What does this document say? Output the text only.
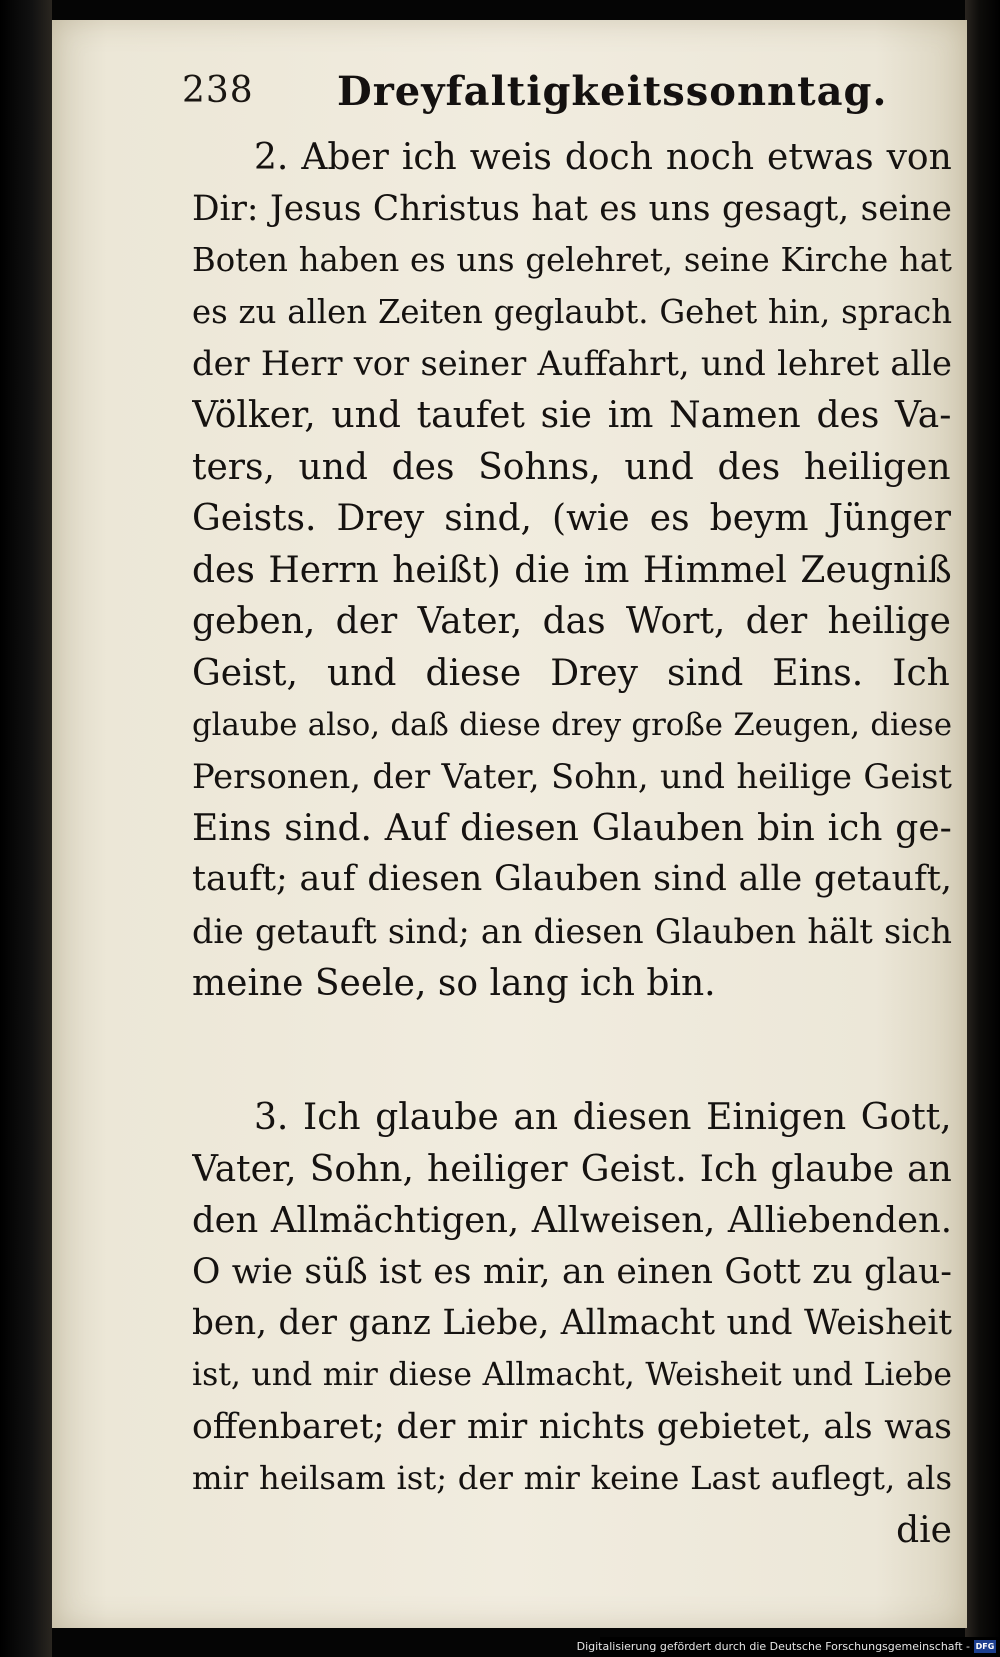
238 Dreyfaltigkeitssonntag.
2. Aber ich weis doch noch etwas von
Dir: Jesus Christus hat es uns gesagt, seine
Boten haben es uns gelehret, seine Kirche hat
es zu allen Zeiten geglaubt. Gehet hin, sprach
der Herr vor seiner Auffahrt, und lehret alle
Völker, und taufet sie im Namen des Va-
ters, und des Sohns, und des heiligen
Geists. Drey sind, (wie es beym Jünger
des Herrn heißt) die im Himmel Zeugniß
geben, der Vater, das Wort, der heilige
Geist, und diese Drey sind Eins. Ich
glaube also, daß diese drey große Zeugen, diese
Personen, der Vater, Sohn, und heilige Geist
Eins sind. Auf diesen Glauben bin ich ge-
tauft; auf diesen Glauben sind alle getauft,
die getauft sind; an diesen Glauben hält sich
meine Seele, so lang ich bin.
3. Ich glaube an diesen Einigen Gott,
Vater, Sohn, heiliger Geist. Ich glaube an
den Allmächtigen, Allweisen, Alliebenden.
O wie süß ist es mir, an einen Gott zu glau-
ben, der ganz Liebe, Allmacht und Weisheit
ist, und mir diese Allmacht, Weisheit und Liebe
offenbaret; der mir nichts gebietet, als was
mir heilsam ist; der mir keine Last auflegt, als
die
Digitalisierung gefördert durch die Deutsche Forschungsgemeinschaft - DFG
